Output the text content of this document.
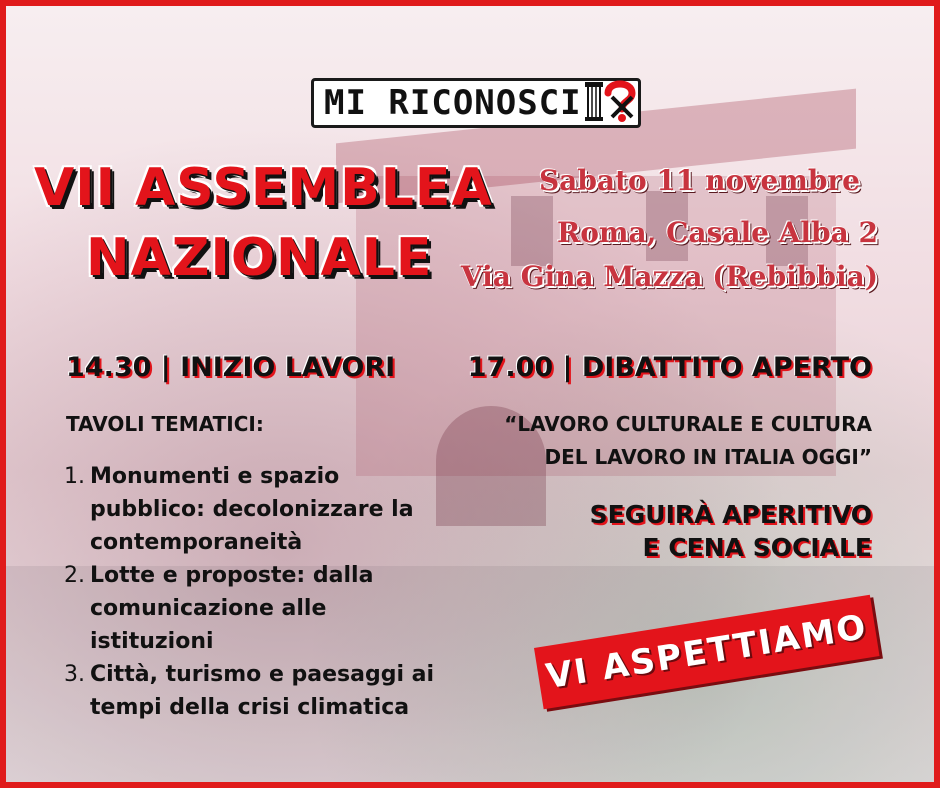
MI RICONOSCI
VII ASSEMBLEA
NAZIONALE
Sabato 11 novembre
Roma, Casale Alba 2
Via Gina Mazza (Rebibbia)
14.30 | INIZIO LAVORI	17.00 | DIBATTITO APERTO
TAVOLI TEMATICI:
1. Monumenti e spazio pubblico: decolonizzare la contemporaneità
2. Lotte e proposte: dalla comunicazione alle istituzioni
3. Città, turismo e paesaggi ai tempi della crisi climatica
“LAVORO CULTURALE E CULTURA
DEL LAVORO IN ITALIA OGGI”
SEGUIRÀ APERITIVO
E CENA SOCIALE
VI ASPETTIAMO
